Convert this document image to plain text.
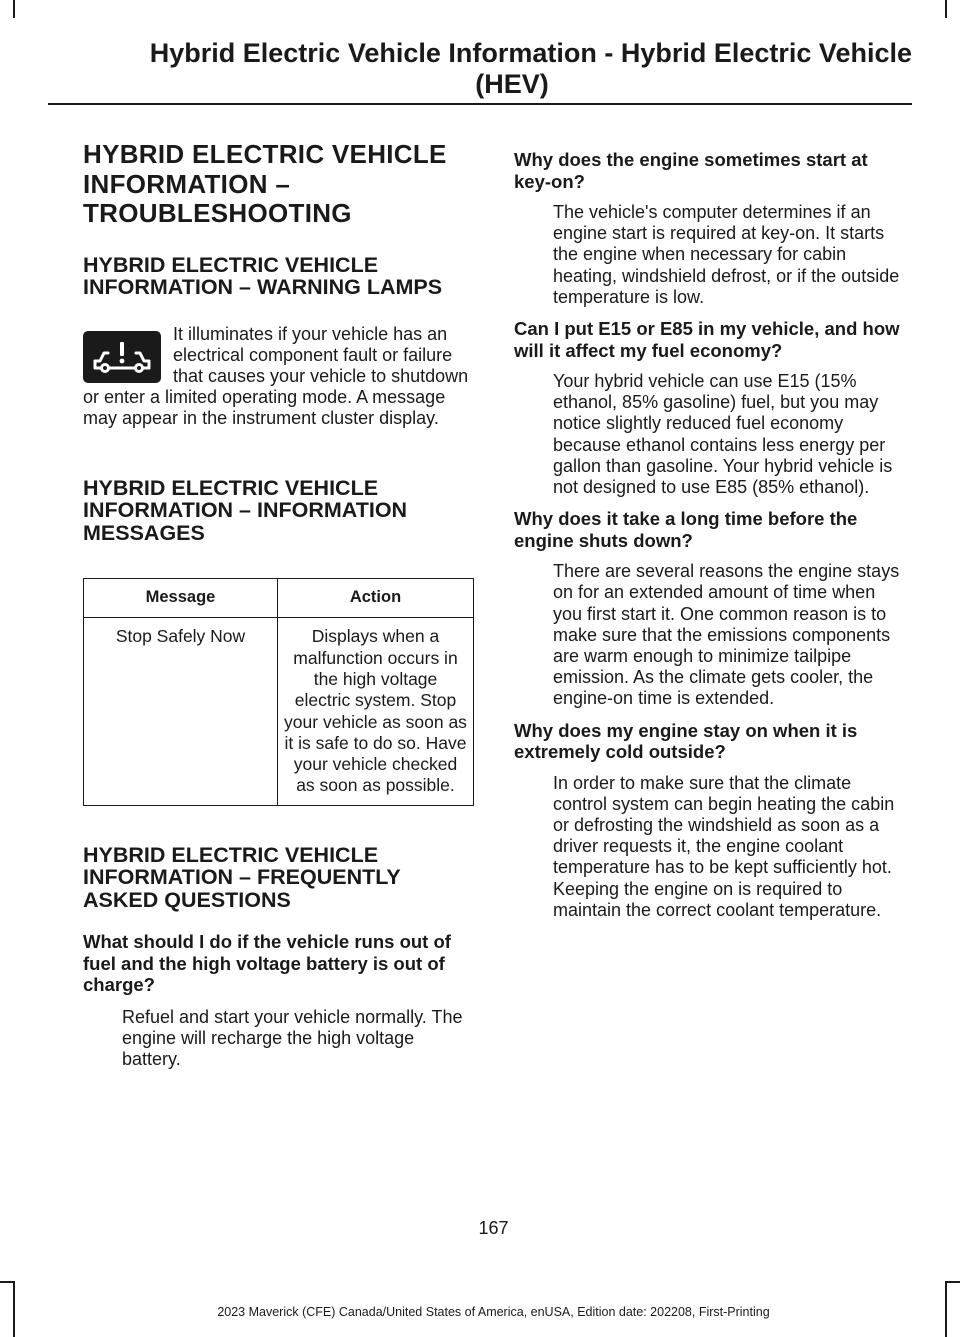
Hybrid Electric Vehicle Information - Hybrid Electric Vehicle
(HEV)
HYBRID ELECTRIC VEHICLE
INFORMATION –
TROUBLESHOOTING
HYBRID ELECTRIC VEHICLE INFORMATION – WARNING LAMPS

It illuminates if your vehicle has an electrical component fault or failure that causes your vehicle to shutdown or enter a limited operating mode. A message may appear in the instrument cluster display.

HYBRID ELECTRIC VEHICLE INFORMATION – INFORMATION MESSAGES
Message	Action
Stop Safely Now	Displays when a malfunction occurs in the high voltage electric system. Stop your vehicle as soon as it is safe to do so. Have your vehicle checked as soon as possible.
HYBRID ELECTRIC VEHICLE INFORMATION – FREQUENTLY ASKED QUESTIONS

What should I do if the vehicle runs out of fuel and the high voltage battery is out of charge?

Refuel and start your vehicle normally. The engine will recharge the high voltage battery.

Why does the engine sometimes start at key-on?

The vehicle's computer determines if an engine start is required at key-on. It starts the engine when necessary for cabin heating, windshield defrost, or if the outside temperature is low.

Can I put E15 or E85 in my vehicle, and how will it affect my fuel economy?

Your hybrid vehicle can use E15 (15% ethanol, 85% gasoline) fuel, but you may notice slightly reduced fuel economy because ethanol contains less energy per gallon than gasoline. Your hybrid vehicle is not designed to use E85 (85% ethanol).

Why does it take a long time before the engine shuts down?

There are several reasons the engine stays on for an extended amount of time when you first start it. One common reason is to make sure that the emissions components are warm enough to minimize tailpipe emission. As the climate gets cooler, the engine-on time is extended.

Why does my engine stay on when it is extremely cold outside?

In order to make sure that the climate control system can begin heating the cabin or defrosting the windshield as soon as a driver requests it, the engine coolant temperature has to be kept sufficiently hot. Keeping the engine on is required to maintain the correct coolant temperature.

167
2023 Maverick (CFE) Canada/United States of America, enUSA, Edition date: 202208, First-Printing
